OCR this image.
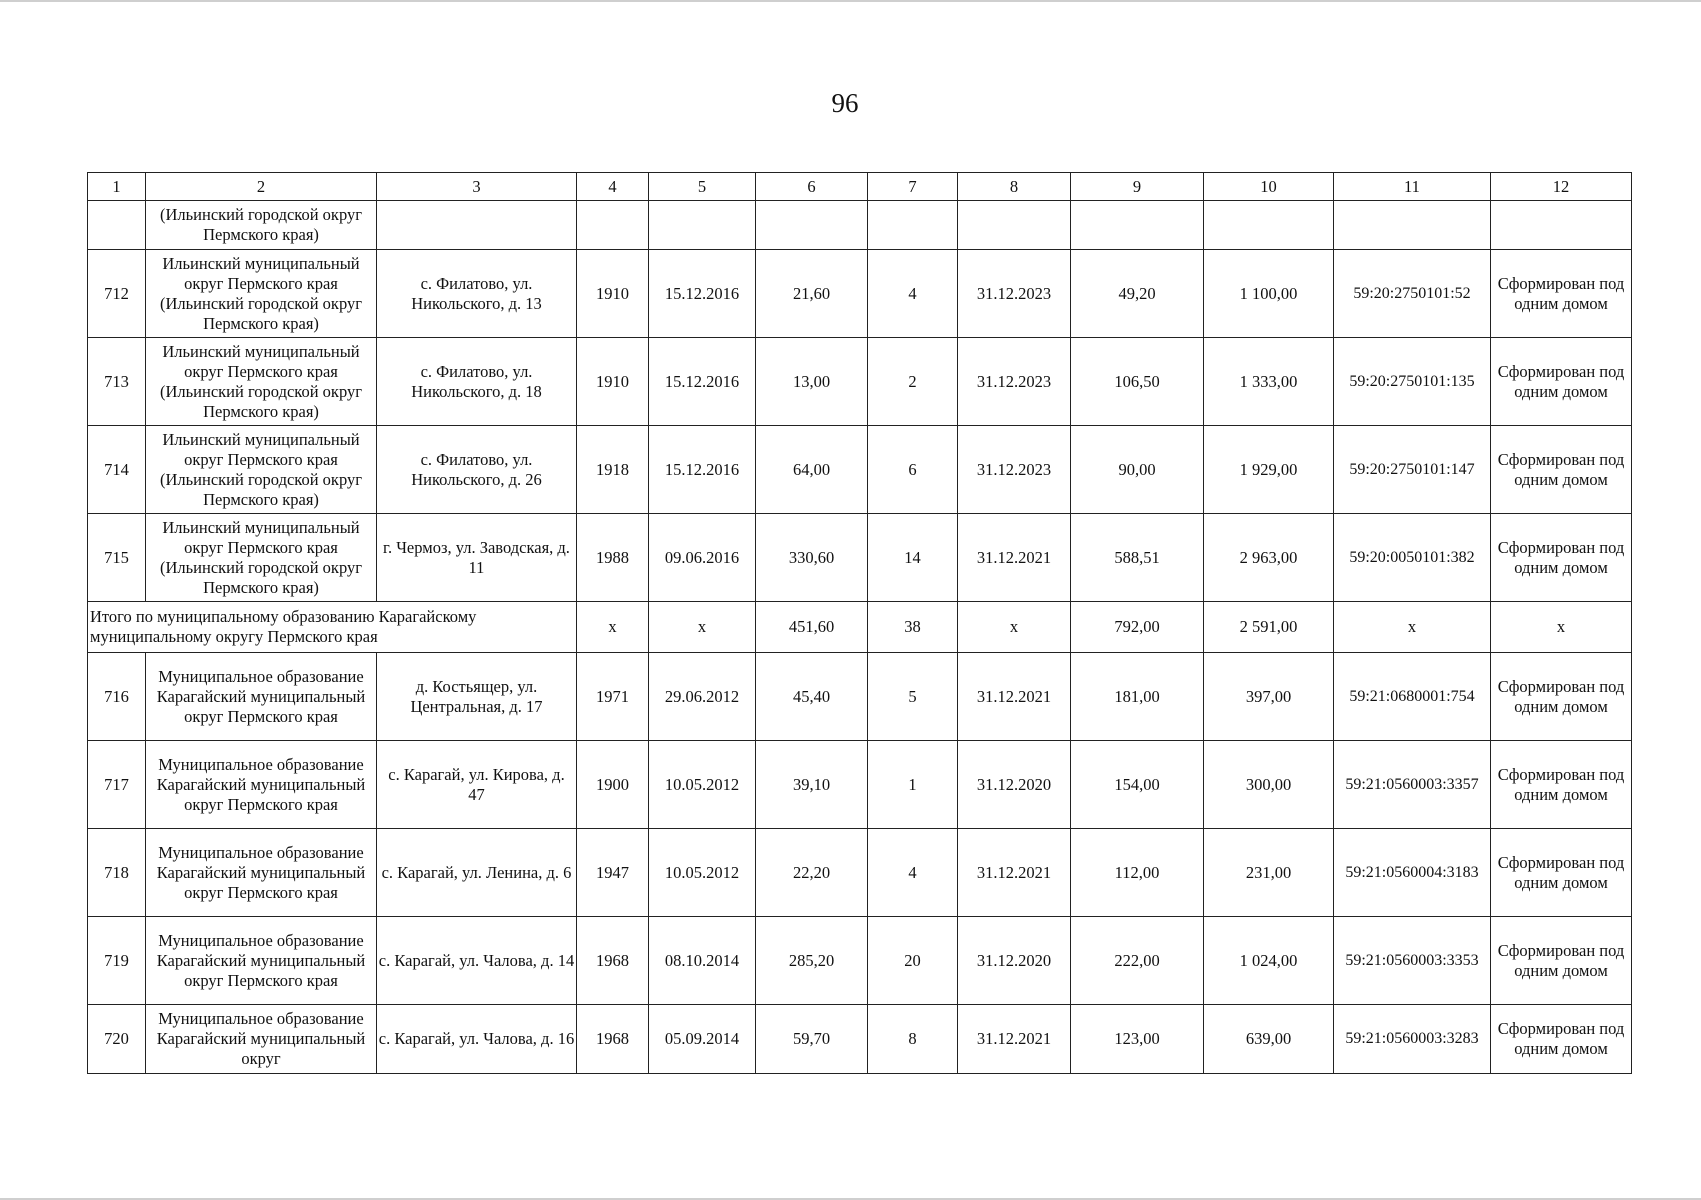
96
1	2	3	4	5	6	7	8	9	10	11	12
	(Ильинский городской округ Пермского края)										
712	Ильинский муниципальный округ Пермского края (Ильинский городской округ Пермского края)	с. Филатово, ул. Никольского, д. 13	1910	15.12.2016	21,60	4	31.12.2023	49,20	1 100,00	59:20:2750101:52	Сформирован под одним домом
713	Ильинский муниципальный округ Пермского края (Ильинский городской округ Пермского края)	с. Филатово, ул. Никольского, д. 18	1910	15.12.2016	13,00	2	31.12.2023	106,50	1 333,00	59:20:2750101:135	Сформирован под одним домом
714	Ильинский муниципальный округ Пермского края (Ильинский городской округ Пермского края)	с. Филатово, ул. Никольского, д. 26	1918	15.12.2016	64,00	6	31.12.2023	90,00	1 929,00	59:20:2750101:147	Сформирован под одним домом
715	Ильинский муниципальный округ Пермского края (Ильинский городской округ Пермского края)	г. Чермоз, ул. Заводская, д. 11	1988	09.06.2016	330,60	14	31.12.2021	588,51	2 963,00	59:20:0050101:382	Сформирован под одним домом
Итого по муниципальному образованию Карагайскому муниципальному округу Пермского края			x	x	451,60	38	x	792,00	2 591,00	x	x
716	Муниципальное образование Карагайский муниципальный округ Пермского края	д. Костьящер, ул. Центральная, д. 17	1971	29.06.2012	45,40	5	31.12.2021	181,00	397,00	59:21:0680001:754	Сформирован под одним домом
717	Муниципальное образование Карагайский муниципальный округ Пермского края	с. Карагай, ул. Кирова, д. 47	1900	10.05.2012	39,10	1	31.12.2020	154,00	300,00	59:21:0560003:3357	Сформирован под одним домом
718	Муниципальное образование Карагайский муниципальный округ Пермского края	с. Карагай, ул. Ленина, д. 6	1947	10.05.2012	22,20	4	31.12.2021	112,00	231,00	59:21:0560004:3183	Сформирован под одним домом
719	Муниципальное образование Карагайский муниципальный округ Пермского края	с. Карагай, ул. Чалова, д. 14	1968	08.10.2014	285,20	20	31.12.2020	222,00	1 024,00	59:21:0560003:3353	Сформирован под одним домом
720	Муниципальное образование Карагайский муниципальный округ	с. Карагай, ул. Чалова, д. 16	1968	05.09.2014	59,70	8	31.12.2021	123,00	639,00	59:21:0560003:3283	Сформирован под одним домом
